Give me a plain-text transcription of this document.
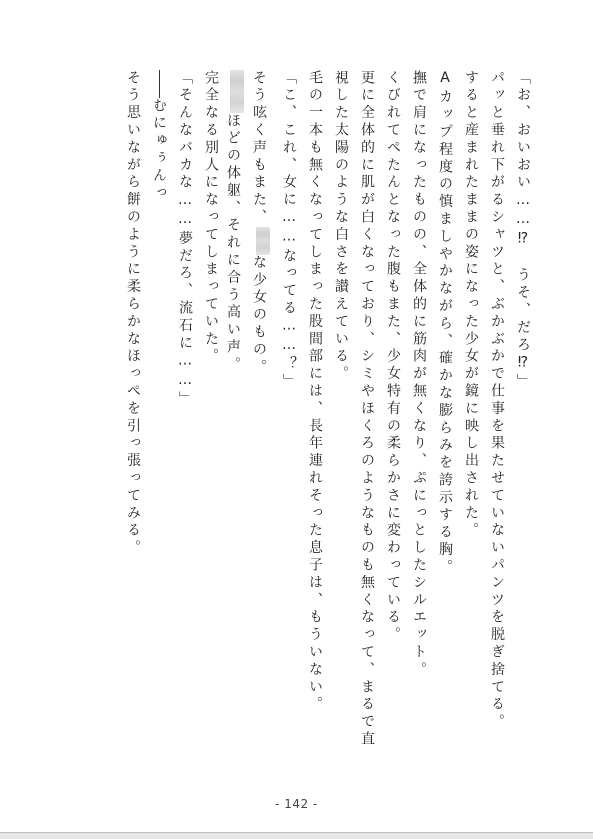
「お、おいおい……⁉　うそ、だろ⁉」
パッと垂れ下がるシャツと、ぶかぶかで仕事を果たせていないパンツを脱ぎ捨てる。
すると産まれたままの姿になった少女が鏡に映し出された。
Aカップ程度の慎ましやかながら、確かな膨らみを誇示する胸。
撫で肩になったものの、全体的に筋肉が無くなり、ぷにっとしたシルエット。
くびれてぺたんとなった腹もまた、少女特有の柔らかさに変わっている。
更に全体的に肌が白くなっており、シミやほくろのようなものも無くなって、まるで直
視した太陽のような白さを讃えている。
毛の一本も無くなってしまった股間部には、長年連れそった息子は、もういない。
「こ、これ、女に……なってる……？」
そう呟く声もまた、な少女のもの。
ほどの体躯、それに合う高い声。
完全なる別人になってしまっていた。
「そんなバカな……夢だろ、流石に……」
むにゅぅんっ
そう思いながら餅のように柔らかなほっぺを引っ張ってみる。
- 142 -
